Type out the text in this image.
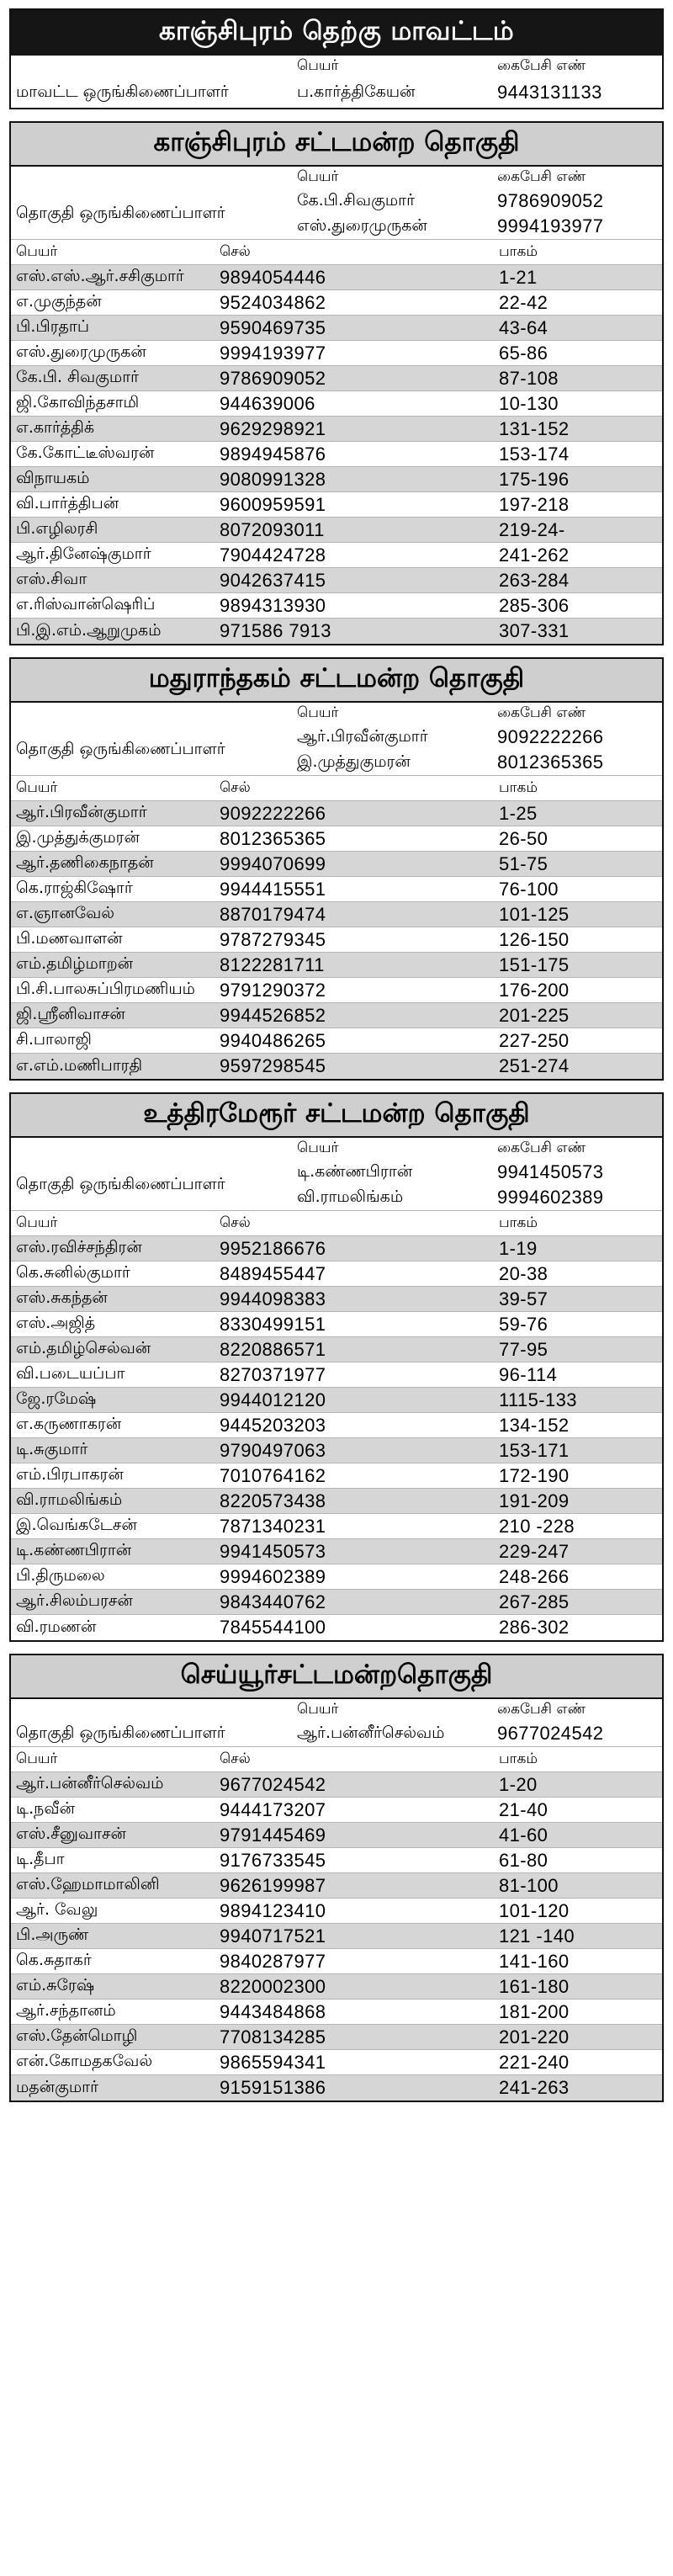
காஞ்சிபுரம் தெற்கு மாவட்டம்
பெயர்	கைபேசி எண்
மாவட்ட ஒருங்கிணைப்பாளர்	ப.கார்த்திகேயன்	9443131133
காஞ்சிபுரம் சட்டமன்ற தொகுதி
பெயர்	கைபேசி எண்
தொகுதி ஒருங்கிணைப்பாளர்
கே.பி.சிவகுமார்	9786909052
எஸ்.துரைமுருகன்	9994193977
பெயர்	செல்	பாகம்
எஸ்.எஸ்.ஆர்.சசிகுமார்	9894054446	1-21
எ.முகுந்தன்	9524034862	22-42
பி.பிரதாப்	9590469735	43-64
எஸ்.துரைமுருகன்	9994193977	65-86
கே.பி. சிவகுமார்	9786909052	87-108
ஜி.கோவிந்தசாமி	944639006	10-130
எ.கார்த்திக்	9629298921	131-152
கே.கோட்டீஸ்வரன்	9894945876	153-174
விநாயகம்	9080991328	175-196
வி.பார்த்திபன்	9600959591	197-218
பி.எழிலரசி	8072093011	219-24-
ஆர்.தினேஷ்குமார்	7904424728	241-262
எஸ்.சிவா	9042637415	263-284
எ.ரிஸ்வான்ஷெரிப்	9894313930	285-306
பி.இ.எம்.ஆறுமுகம்	971586 7913	307-331
மதுராந்தகம் சட்டமன்ற தொகுதி
பெயர்	கைபேசி எண்
தொகுதி ஒருங்கிணைப்பாளர்
ஆர்.பிரவீன்குமார்	9092222266
இ.முத்துகுமரன்	8012365365
பெயர்	செல்	பாகம்
ஆர்.பிரவீன்குமார்	9092222266	1-25
இ.முத்துக்குமரன்	8012365365	26-50
ஆர்.தணிகைநாதன்	9994070699	51-75
கெ.ராஜ்கிஷோர்	9944415551	76-100
எ.ஞானவேல்	8870179474	101-125
பி.மணவாளன்	9787279345	126-150
எம்.தமிழ்மாறன்	8122281711	151-175
பி.சி.பாலசுப்பிரமணியம்	9791290372	176-200
ஜி.ஸ்ரீனிவாசன்	9944526852	201-225
சி.பாலாஜி	9940486265	227-250
எ.எம்.மணிபாரதி	9597298545	251-274
உத்திரமேரூர் சட்டமன்ற தொகுதி
பெயர்	கைபேசி எண்
தொகுதி ஒருங்கிணைப்பாளர்
டி.கண்ணபிரான்	9941450573
வி.ராமலிங்கம்	9994602389
பெயர்	செல்	பாகம்
எஸ்.ரவிச்சந்திரன்	9952186676	1-19
கெ.சுனில்குமார்	8489455447	20-38
எஸ்.சுகந்தன்	9944098383	39-57
எஸ்.அஜித்	8330499151	59-76
எம்.தமிழ்செல்வன்	8220886571	77-95
வி.படையப்பா	8270371977	96-114
ஜே.ரமேஷ்	9944012120	1115-133
எ.கருணாகரன்	9445203203	134-152
டி.சுகுமார்	9790497063	153-171
எம்.பிரபாகரன்	7010764162	172-190
வி.ராமலிங்கம்	8220573438	191-209
இ.வெங்கடேசன்	7871340231	210 -228
டி.கண்ணபிரான்	9941450573	229-247
பி.திருமலை	9994602389	248-266
ஆர்.சிலம்பரசன்	9843440762	267-285
வி.ரமணன்	7845544100	286-302
செய்யூர்சட்டமன்றதொகுதி
பெயர்	கைபேசி எண்
தொகுதி ஒருங்கிணைப்பாளர்	ஆர்.பன்னீர்செல்வம்	9677024542
பெயர்	செல்	பாகம்
ஆர்.பன்னீர்செல்வம்	9677024542	1-20
டி.நவீன்	9444173207	21-40
எஸ்.சீனுவாசன்	9791445469	41-60
டி.தீபா	9176733545	61-80
எஸ்.ஹேமாமாலினி	9626199987	81-100
ஆர். வேலு	9894123410	101-120
பி.அருண்	9940717521	121 -140
கெ.சுதாகர்	9840287977	141-160
எம்.சுரேஷ்	8220002300	161-180
ஆர்.சந்தானம்	9443484868	181-200
எஸ்.தேன்மொழி	7708134285	201-220
என்.கோமதகவேல்	9865594341	221-240
மதன்குமார்	9159151386	241-263
